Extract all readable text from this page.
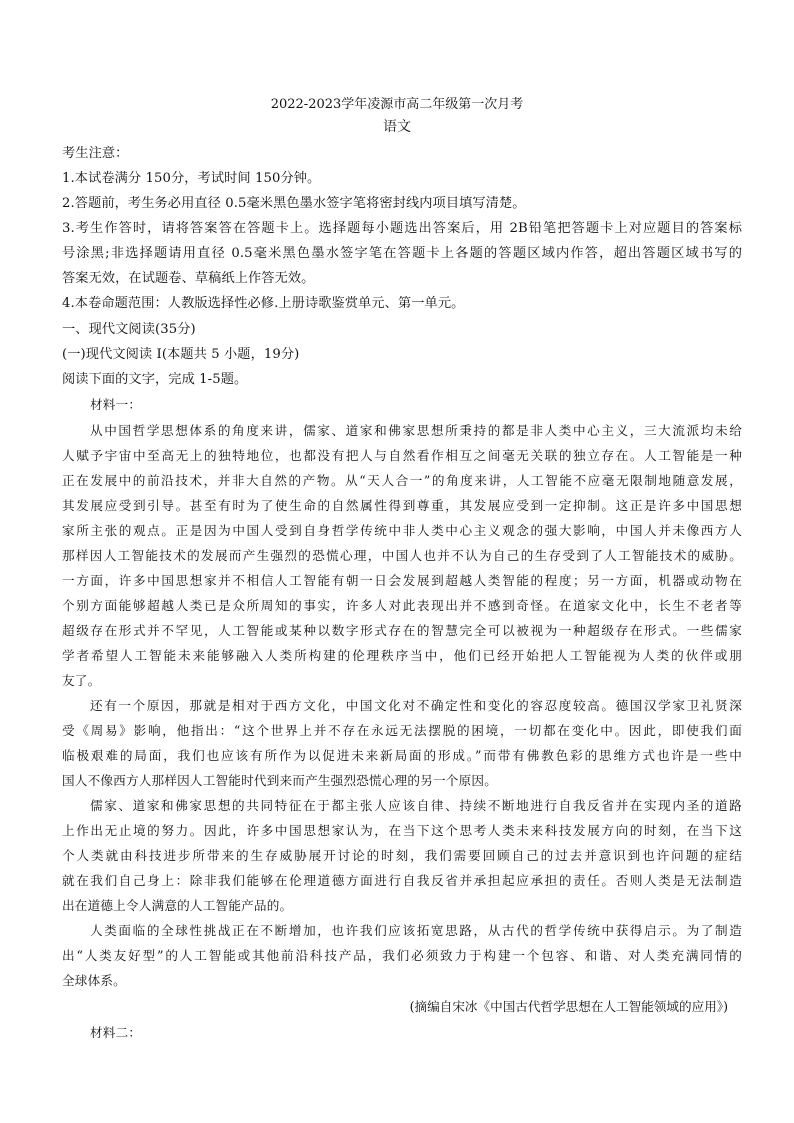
2022-2023学年凌源市高二年级第一次月考
语文
考生注意：
1.本试卷满分 150分，考试时间 150分钟。
2.答题前，考生务必用直径 0.5毫米黑色墨水签字笔将密封线内项目填写清楚。
3.考生作答时，请将答案答在答题卡上。选择题每小题选出答案后，用 2B铅笔把答题卡上对应题目的答案标
号涂黑;非选择题请用直径 0.5毫米黑色墨水签字笔在答题卡上各题的答题区域内作答，超出答题区域书写的
答案无效，在试题卷、草稿纸上作答无效。
4.本卷命题范围：人教版选择性必修.上册诗歌鉴赏单元、第一单元。
一、现代文阅读(35分)
(一)现代文阅读 I(本题共 5 小题，19分)
阅读下面的文字，完成 1-5题。
材料一：
从中国哲学思想体系的角度来讲，儒家、道家和佛家思想所秉持的都是非人类中心主义，三大流派均未给
人赋予宇宙中至高无上的独特地位，也都没有把人与自然看作相互之间毫无关联的独立存在。人工智能是一种
正在发展中的前沿技术，并非大自然的产物。从“天人合一”的角度来讲，人工智能不应毫无限制地随意发展，
其发展应受到引导。甚至有时为了使生命的自然属性得到尊重，其发展应受到一定抑制。这正是许多中国思想
家所主张的观点。正是因为中国人受到自身哲学传统中非人类中心主义观念的强大影响，中国人并未像西方人
那样因人工智能技术的发展而产生强烈的恐慌心理，中国人也并不认为自己的生存受到了人工智能技术的威胁。
一方面，许多中国思想家并不相信人工智能有朝一日会发展到超越人类智能的程度；另一方面，机器或动物在
个别方面能够超越人类已是众所周知的事实，许多人对此表现出并不感到奇怪。在道家文化中，长生不老者等
超级存在形式并不罕见，人工智能或某种以数字形式存在的智慧完全可以被视为一种超级存在形式。一些儒家
学者希望人工智能未来能够融入人类所构建的伦理秩序当中，他们已经开始把人工智能视为人类的伙伴或朋
友了。
还有一个原因，那就是相对于西方文化，中国文化对不确定性和变化的容忍度较高。德国汉学家卫礼贤深
受《周易》影响，他指出：“这个世界上并不存在永远无法摆脱的困境，一切都在变化中。因此，即使我们面
临极艰难的局面，我们也应该有所作为以促进未来新局面的形成。”而带有佛教色彩的思维方式也许是一些中
国人不像西方人那样因人工智能时代到来而产生强烈恐慌心理的另一个原因。
儒家、道家和佛家思想的共同特征在于都主张人应该自律、持续不断地进行自我反省并在实现内圣的道路
上作出无止境的努力。因此，许多中国思想家认为，在当下这个思考人类未来科技发展方向的时刻，在当下这
个人类就由科技进步所带来的生存威胁展开讨论的时刻，我们需要回顾自己的过去并意识到也许问题的症结
就在我们自己身上：除非我们能够在伦理道德方面进行自我反省并承担起应承担的责任。否则人类是无法制造
出在道德上令人满意的人工智能产品的。
人类面临的全球性挑战正在不断增加，也许我们应该拓宽思路，从古代的哲学传统中获得启示。为了制造
出“人类友好型”的人工智能或其他前沿科技产品，我们必须致力于构建一个包容、和谐、对人类充满同情的
全球体系。
(摘编自宋冰《中国古代哲学思想在人工智能领域的应用》)
材料二：
